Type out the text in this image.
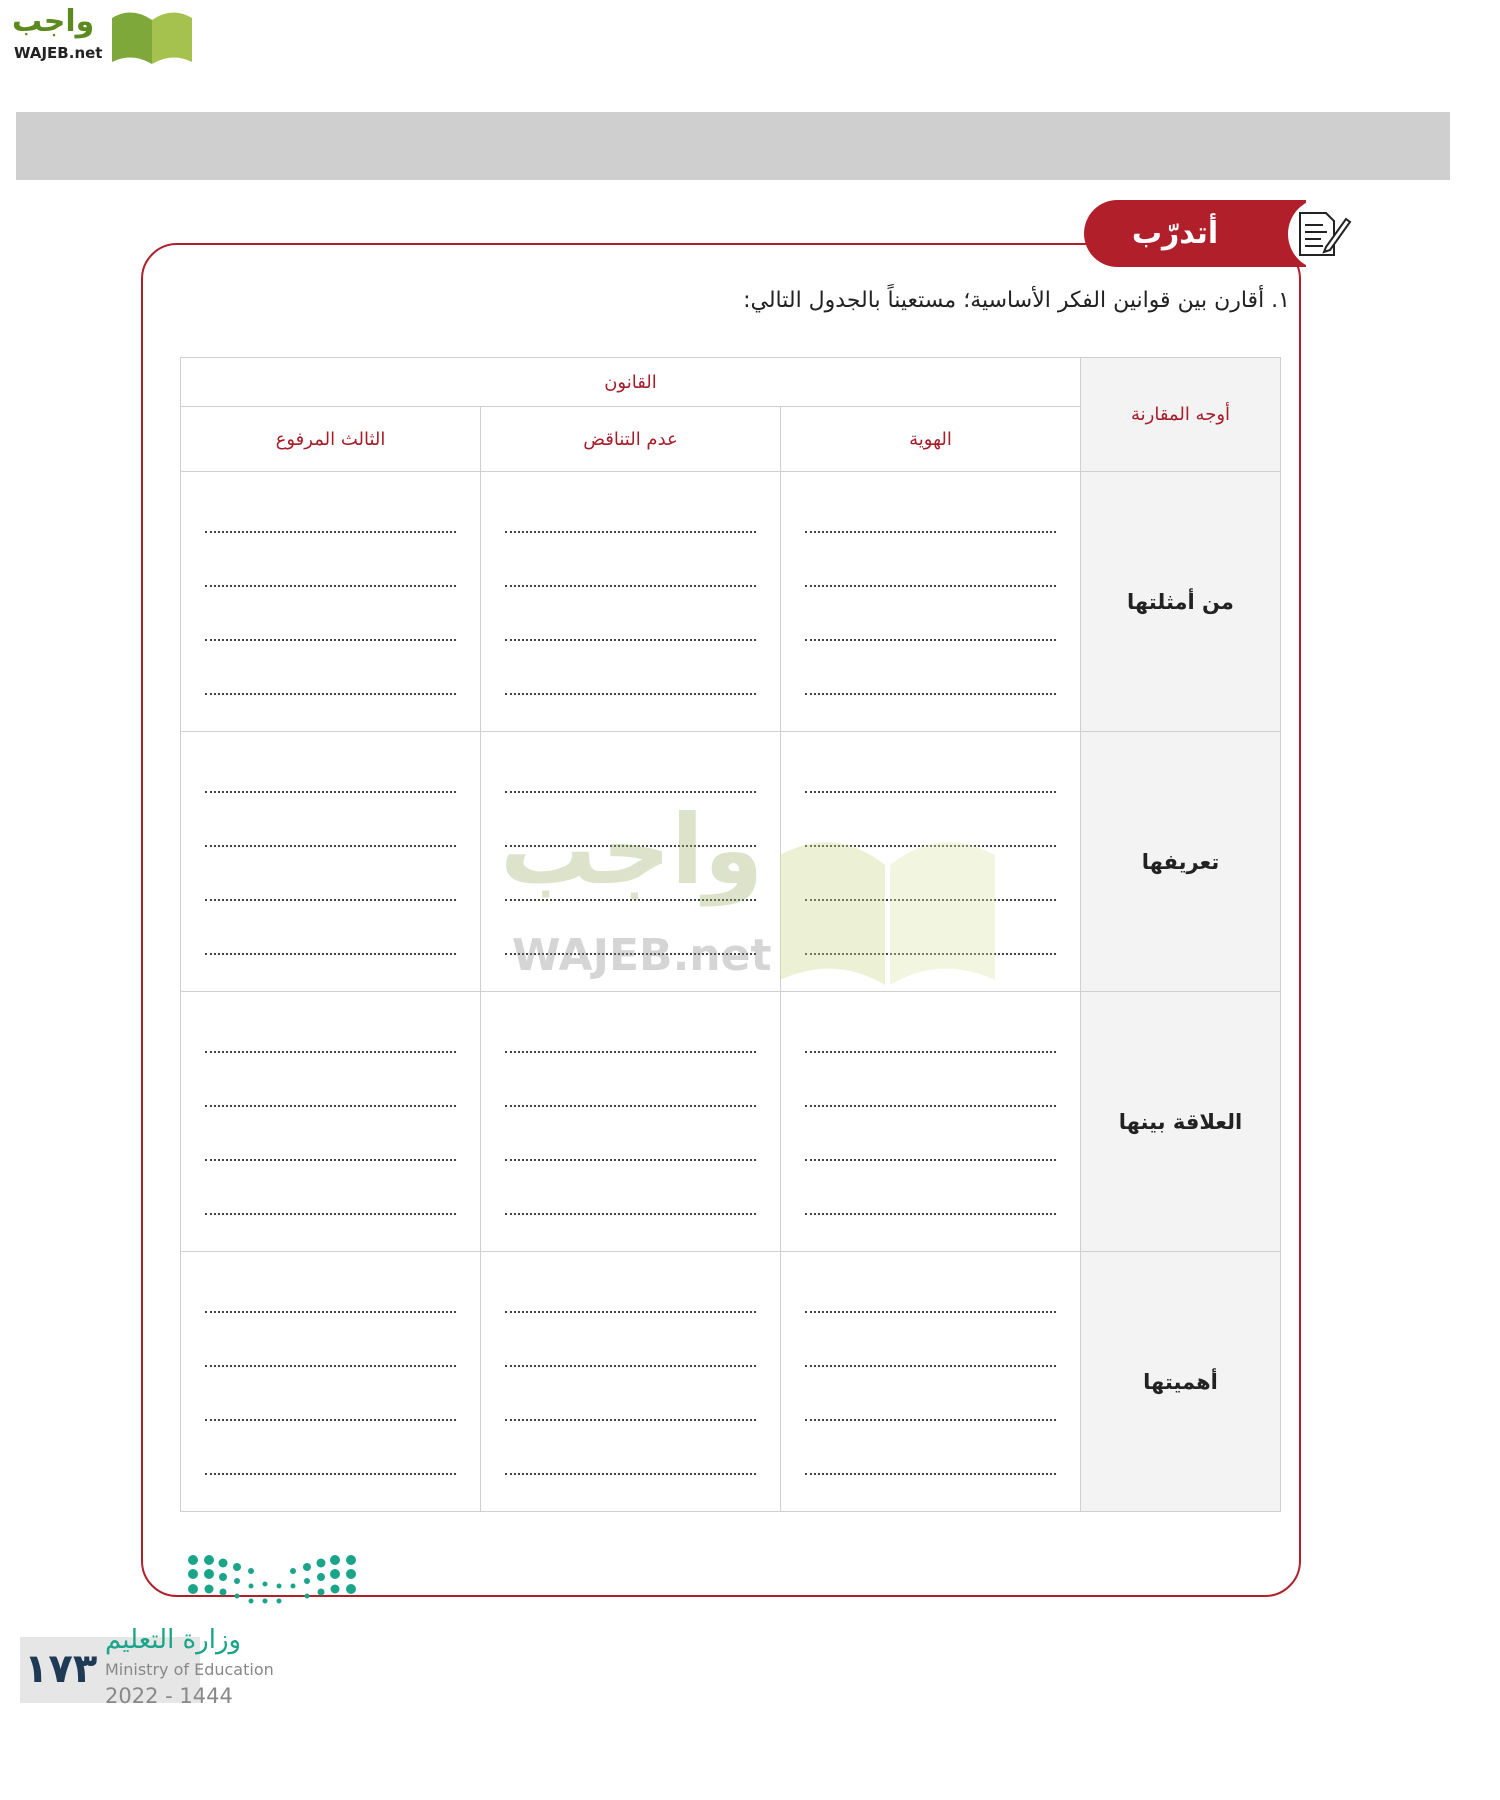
واجب
WAJEB.net
أتدرّب
١. أقارن بين قوانين الفكر الأساسية؛ مستعيناً بالجدول التالي:
أوجه المقارنة	القانون		
	الهوية	عدم التناقض	الثالث المرفوع
من أمثلتها	

تعريفها	

العلاقة بينها	

أهميتها	

واجب
WAJEB.net
١٧٣
وزارة التعليم
Ministry of Education
2022 - 1444
